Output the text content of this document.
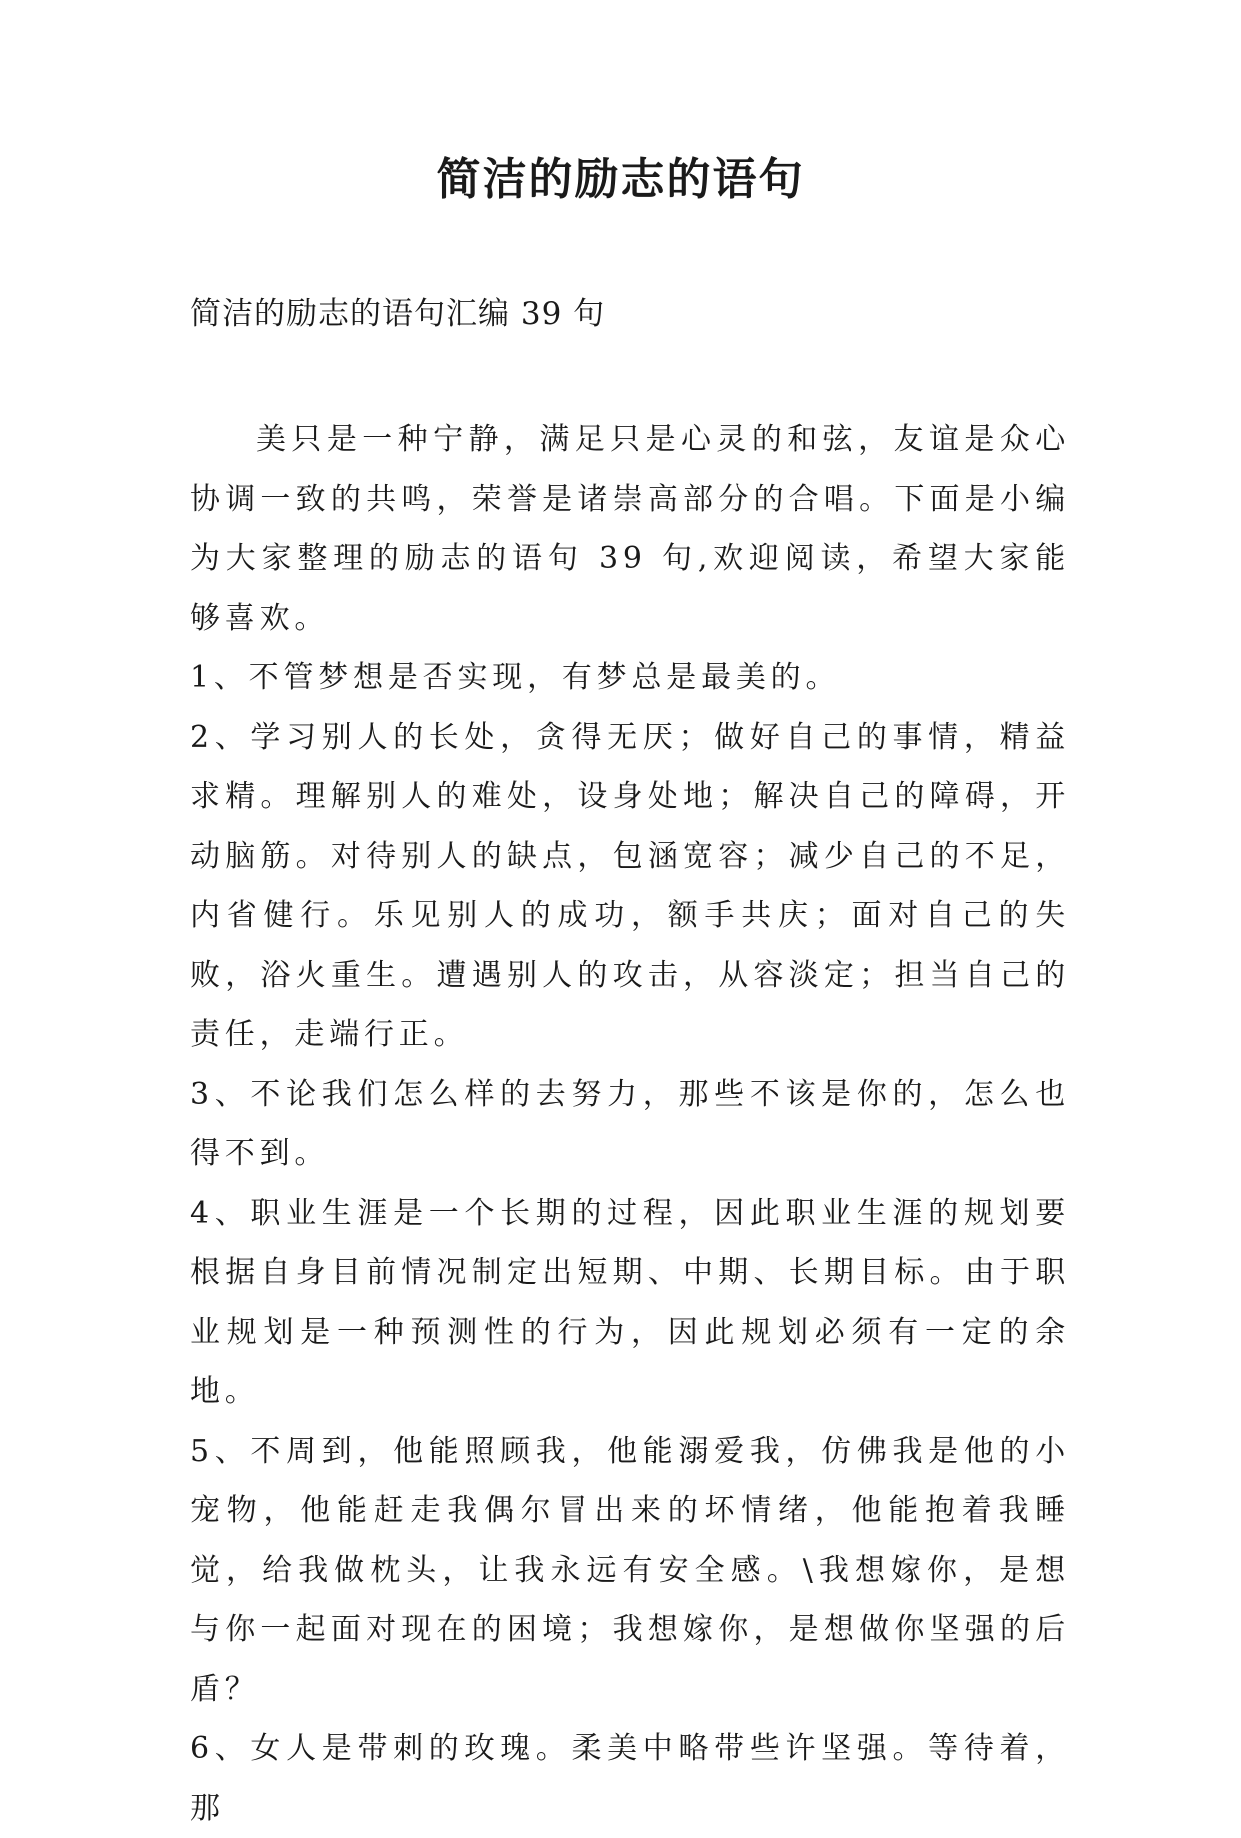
简洁的励志的语句

简洁的励志的语句汇编 39 句

美只是一种宁静，满足只是心灵的和弦，友谊是众心协调一致的共鸣，荣誉是诸崇高部分的合唱。下面是小编为大家整理的励志的语句 39 句,欢迎阅读，希望大家能够喜欢。

1、不管梦想是否实现，有梦总是最美的。

2、学习别人的长处，贪得无厌；做好自己的事情，精益求精。理解别人的难处，设身处地；解决自己的障碍，开动脑筋。对待别人的缺点，包涵宽容；减少自己的不足，内省健行。乐见别人的成功，额手共庆；面对自己的失败，浴火重生。遭遇别人的攻击，从容淡定；担当自己的责任，走端行正。

3、不论我们怎么样的去努力，那些不该是你的，怎么也得不到。

4、职业生涯是一个长期的过程，因此职业生涯的规划要根据自身目前情况制定出短期、中期、长期目标。由于职业规划是一种预测性的行为，因此规划必须有一定的余地。

5、不周到，他能照顾我，他能溺爱我，仿佛我是他的小宠物，他能赶走我偶尔冒出来的坏情绪，他能抱着我睡觉，给我做枕头，让我永远有安全感。\我想嫁你，是想与你一起面对现在的困境；我想嫁你，是想做你坚强的后盾？

6、女人是带刺的玫瑰。柔美中略带些许坚强。等待着，那
